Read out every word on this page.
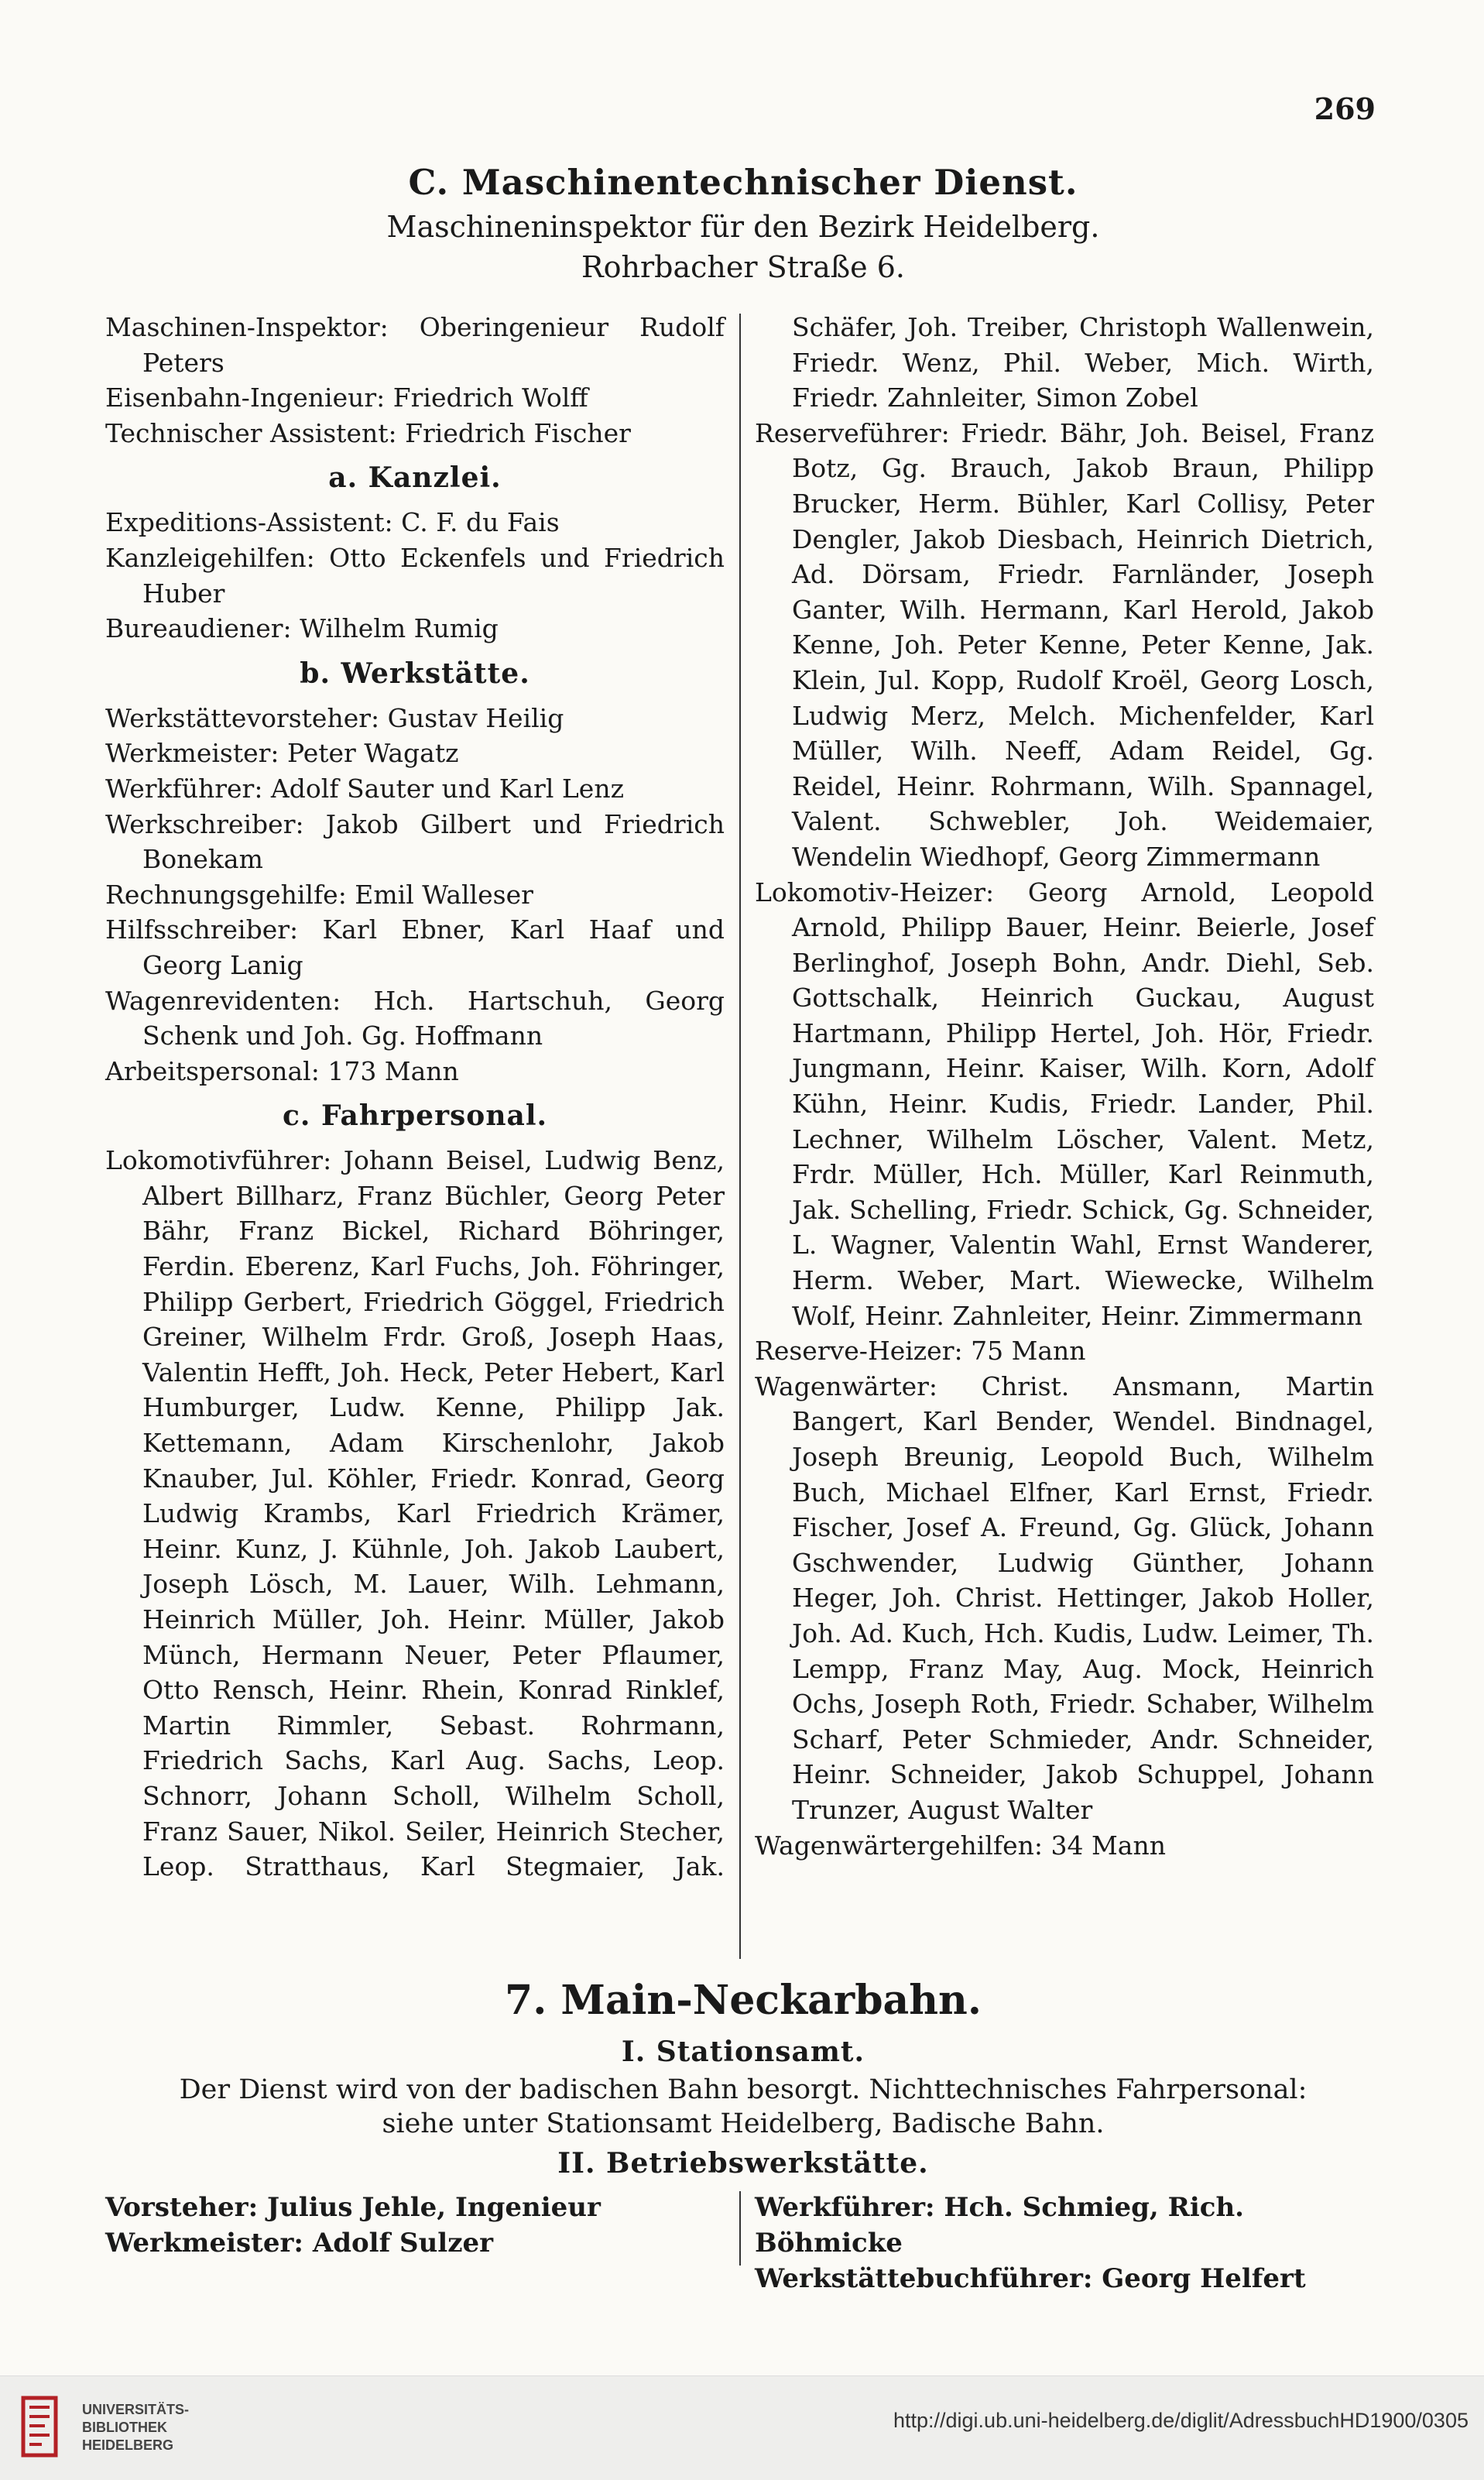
269
C. Maschinentechnischer Dienst.
Maschineninspektor für den Bezirk Heidelberg.
Rohrbacher Straße 6.

Maschinen-Inspektor: Oberingenieur Rudolf Peters

Eisenbahn-Ingenieur: Friedrich Wolff

Technischer Assistent: Friedrich Fischer

a. Kanzlei.

Expeditions-Assistent: C. F. du Fais

Kanzleigehilfen: Otto Eckenfels und Friedrich Huber

Bureaudiener: Wilhelm Rumig

b. Werkstätte.

Werkstättevorsteher: Gustav Heilig

Werkmeister: Peter Wagatz

Werkführer: Adolf Sauter und Karl Lenz

Werkschreiber: Jakob Gilbert und Friedrich Bonekam

Rechnungsgehilfe: Emil Walleser

Hilfsschreiber: Karl Ebner, Karl Haaf und Georg Lanig

Wagenrevidenten: Hch. Hartschuh, Georg Schenk und Joh. Gg. Hoffmann

Arbeitspersonal: 173 Mann

c. Fahrpersonal.

Lokomotivführer: Johann Beisel, Ludwig Benz, Albert Billharz, Franz Büchler, Georg Peter Bähr, Franz Bickel, Richard Böhringer, Ferdin. Eberenz, Karl Fuchs, Joh. Föhringer, Philipp Gerbert, Friedrich Göggel, Friedrich Greiner, Wilhelm Frdr. Groß, Joseph Haas, Valentin Hefft, Joh. Heck, Peter Hebert, Karl Humburger, Ludw. Kenne, Philipp Jak. Kettemann, Adam Kirschenlohr, Jakob Knauber, Jul. Köhler, Friedr. Konrad, Georg Ludwig Krambs, Karl Friedrich Krämer, Heinr. Kunz, J. Kühnle, Joh. Jakob Laubert, Joseph Lösch, M. Lauer, Wilh. Lehmann, Heinrich Müller, Joh. Heinr. Müller, Jakob Münch, Hermann Neuer, Peter Pflaumer, Otto Rensch, Heinr. Rhein, Konrad Rinklef, Martin Rimmler, Sebast. Rohrmann, Friedrich Sachs, Karl Aug. Sachs, Leop. Schnorr, Johann Scholl, Wilhelm Scholl, Franz Sauer, Nikol. Seiler, Heinrich Stecher, Leop. Stratthaus, Karl Stegmaier, Jak.

Schäfer, Joh. Treiber, Christoph Wallenwein, Friedr. Wenz, Phil. Weber, Mich. Wirth, Friedr. Zahnleiter, Simon Zobel

Reserveführer: Friedr. Bähr, Joh. Beisel, Franz Botz, Gg. Brauch, Jakob Braun, Philipp Brucker, Herm. Bühler, Karl Collisy, Peter Dengler, Jakob Diesbach, Heinrich Dietrich, Ad. Dörsam, Friedr. Farnländer, Joseph Ganter, Wilh. Hermann, Karl Herold, Jakob Kenne, Joh. Peter Kenne, Peter Kenne, Jak. Klein, Jul. Kopp, Rudolf Kroël, Georg Losch, Ludwig Merz, Melch. Michenfelder, Karl Müller, Wilh. Neeff, Adam Reidel, Gg. Reidel, Heinr. Rohrmann, Wilh. Spannagel, Valent. Schwebler, Joh. Weidemaier, Wendelin Wiedhopf, Georg Zimmermann

Lokomotiv-Heizer: Georg Arnold, Leopold Arnold, Philipp Bauer, Heinr. Beierle, Josef Berlinghof, Joseph Bohn, Andr. Diehl, Seb. Gottschalk, Heinrich Guckau, August Hartmann, Philipp Hertel, Joh. Hör, Friedr. Jungmann, Heinr. Kaiser, Wilh. Korn, Adolf Kühn, Heinr. Kudis, Friedr. Lander, Phil. Lechner, Wilhelm Löscher, Valent. Metz, Frdr. Müller, Hch. Müller, Karl Reinmuth, Jak. Schelling, Friedr. Schick, Gg. Schneider, L. Wagner, Valentin Wahl, Ernst Wanderer, Herm. Weber, Mart. Wiewecke, Wilhelm Wolf, Heinr. Zahnleiter, Heinr. Zimmermann

Reserve-Heizer: 75 Mann

Wagenwärter: Christ. Ansmann, Martin Bangert, Karl Bender, Wendel. Bindnagel, Joseph Breunig, Leopold Buch, Wilhelm Buch, Michael Elfner, Karl Ernst, Friedr. Fischer, Josef A. Freund, Gg. Glück, Johann Gschwender, Ludwig Günther, Johann Heger, Joh. Christ. Hettinger, Jakob Holler, Joh. Ad. Kuch, Hch. Kudis, Ludw. Leimer, Th. Lempp, Franz May, Aug. Mock, Heinrich Ochs, Joseph Roth, Friedr. Schaber, Wilhelm Scharf, Peter Schmieder, Andr. Schneider, Heinr. Schneider, Jakob Schuppel, Johann Trunzer, August Walter

Wagenwärtergehilfen: 34 Mann

7. Main-Neckarbahn.
I. Stationsamt.
Der Dienst wird von der badischen Bahn besorgt. Nichttechnisches Fahrpersonal:
siehe unter Stationsamt Heidelberg, Badische Bahn.
II. Betriebswerkstätte.
Vorsteher: Julius Jehle, Ingenieur
Werkmeister: Adolf Sulzer
Werkführer: Hch. Schmieg, Rich. Böhmicke
Werkstättebuchführer: Georg Helfert
UNIVERSITÄTS-
BIBLIOTHEK
HEIDELBERG
http://digi.ub.uni-heidelberg.de/diglit/AdressbuchHD1900/0305
